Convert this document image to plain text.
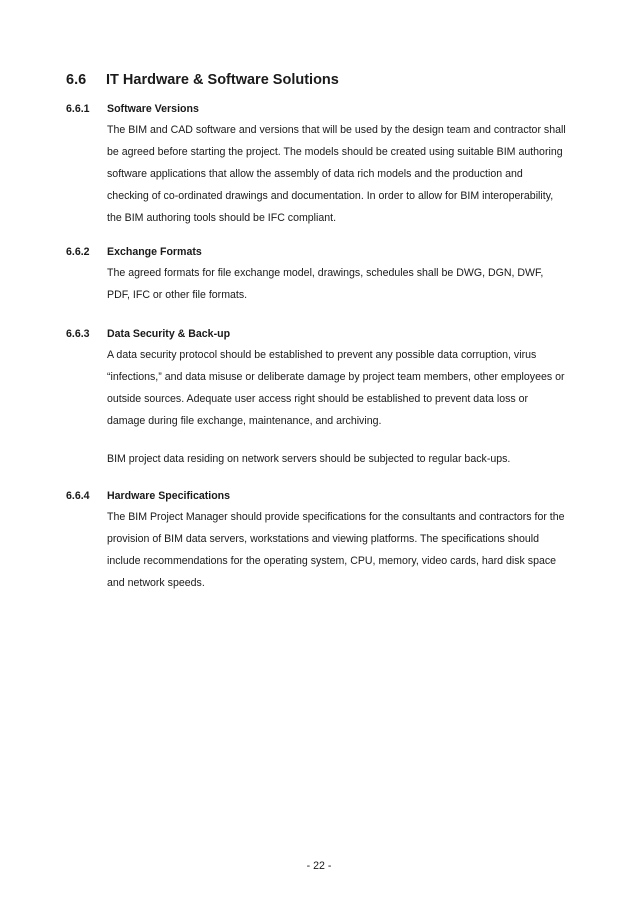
6.6 IT Hardware & Software Solutions
6.6.1 Software Versions
The BIM and CAD software and versions that will be used by the design team and contractor shall
be agreed before starting the project. The models should be created using suitable BIM authoring
software applications that allow the assembly of data rich models and the production and
checking of co-ordinated drawings and documentation. In order to allow for BIM interoperability,
the BIM authoring tools should be IFC compliant.
6.6.2 Exchange Formats
The agreed formats for file exchange model, drawings, schedules shall be DWG, DGN, DWF,
PDF, IFC or other file formats.
6.6.3 Data Security & Back-up
A data security protocol should be established to prevent any possible data corruption, virus
“infections,” and data misuse or deliberate damage by project team members, other employees or
outside sources. Adequate user access right should be established to prevent data loss or
damage during file exchange, maintenance, and archiving.
BIM project data residing on network servers should be subjected to regular back-ups.
6.6.4 Hardware Specifications
The BIM Project Manager should provide specifications for the consultants and contractors for the
provision of BIM data servers, workstations and viewing platforms. The specifications should
include recommendations for the operating system, CPU, memory, video cards, hard disk space
and network speeds.
- 22 -
